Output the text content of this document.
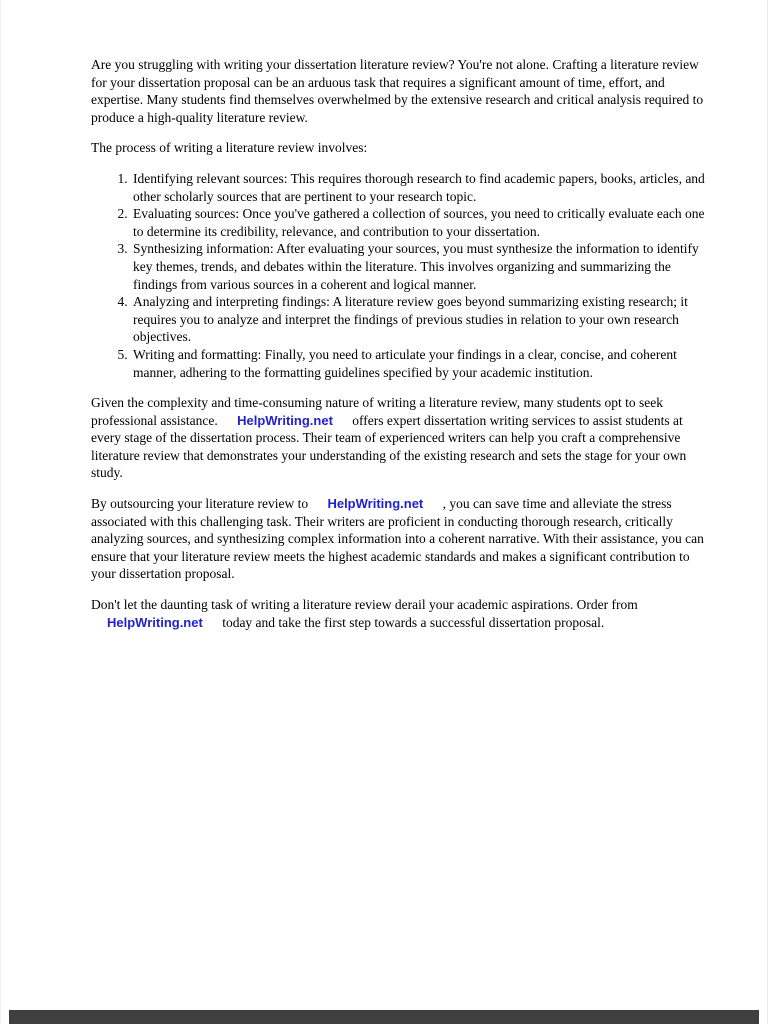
Are you struggling with writing your dissertation literature review? You're not alone. Crafting a literature review for your dissertation proposal can be an arduous task that requires a significant amount of time, effort, and expertise. Many students find themselves overwhelmed by the extensive research and critical analysis required to produce a high-quality literature review.

The process of writing a literature review involves:

1. Identifying relevant sources: This requires thorough research to find academic papers, books, articles, and other scholarly sources that are pertinent to your research topic.
2. Evaluating sources: Once you've gathered a collection of sources, you need to critically evaluate each one to determine its credibility, relevance, and contribution to your dissertation.
3. Synthesizing information: After evaluating your sources, you must synthesize the information to identify key themes, trends, and debates within the literature. This involves organizing and summarizing the findings from various sources in a coherent and logical manner.
4. Analyzing and interpreting findings: A literature review goes beyond summarizing existing research; it requires you to analyze and interpret the findings of previous studies in relation to your own research objectives.
5. Writing and formatting: Finally, you need to articulate your findings in a clear, concise, and coherent manner, adhering to the formatting guidelines specified by your academic institution.

Given the complexity and time-consuming nature of writing a literature review, many students opt to seek professional assistance. HelpWriting.net offers expert dissertation writing services to assist students at every stage of the dissertation process. Their team of experienced writers can help you craft a comprehensive literature review that demonstrates your understanding of the existing research and sets the stage for your own study.

By outsourcing your literature review to HelpWriting.net , you can save time and alleviate the stress associated with this challenging task. Their writers are proficient in conducting thorough research, critically analyzing sources, and synthesizing complex information into a coherent narrative. With their assistance, you can ensure that your literature review meets the highest academic standards and makes a significant contribution to your dissertation proposal.

Don't let the daunting task of writing a literature review derail your academic aspirations. Order from HelpWriting.net today and take the first step towards a successful dissertation proposal.
